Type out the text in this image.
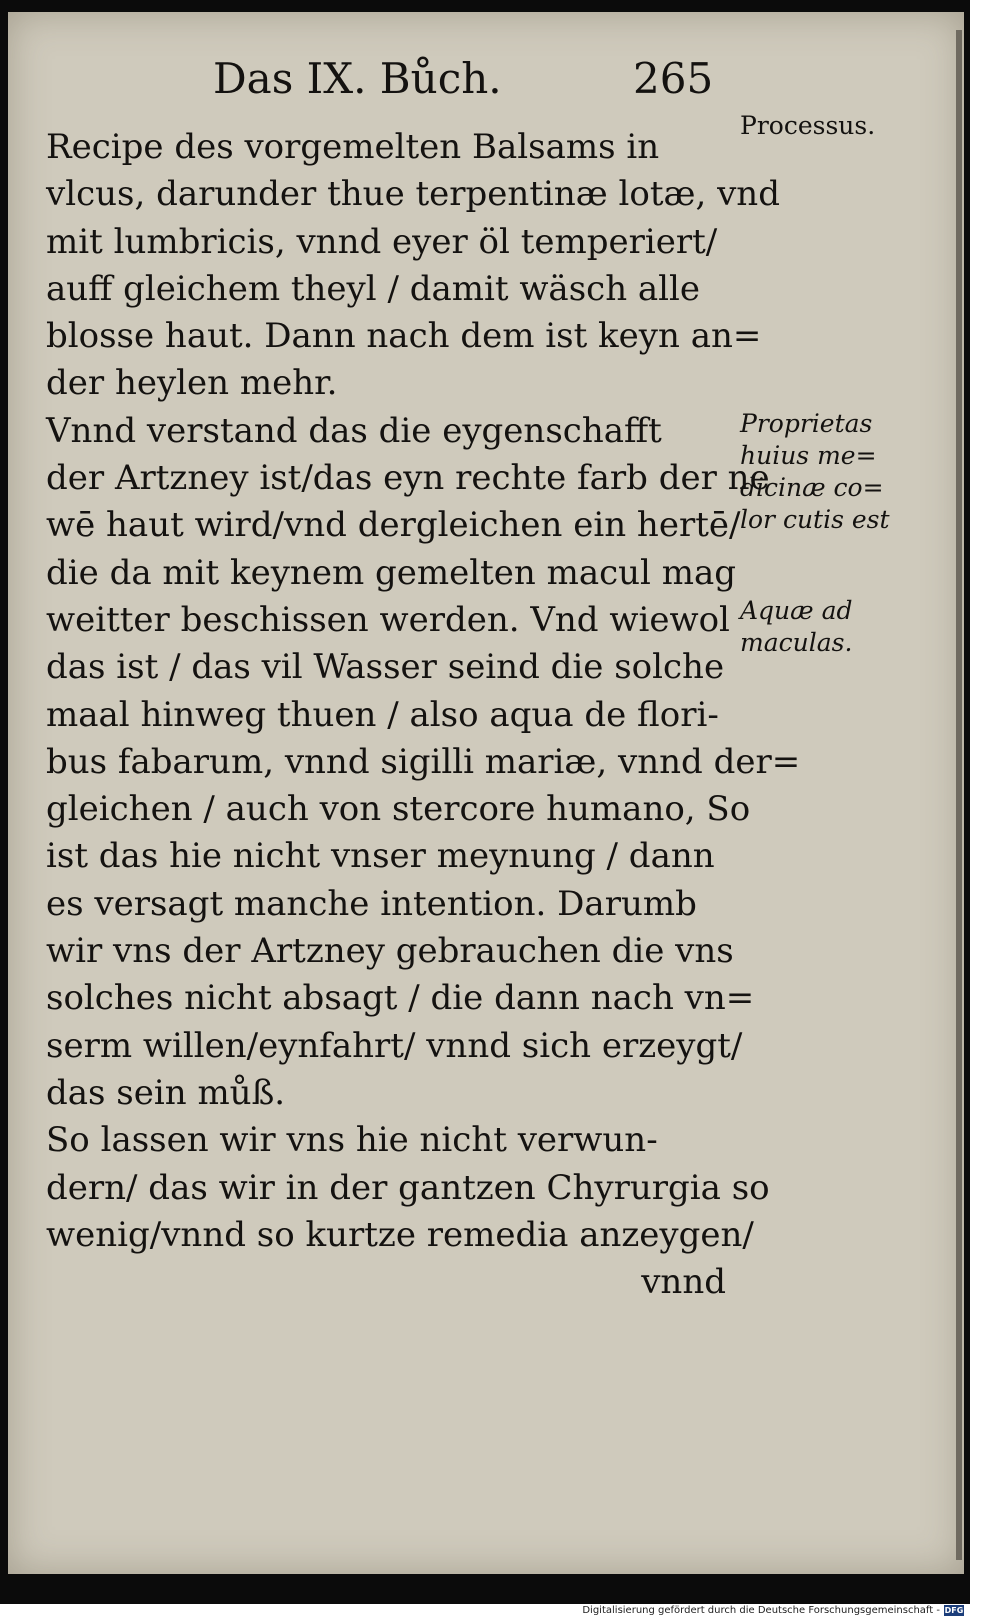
Das IX. Bůch.	265
Recipe des vorgemelten Balsams in
vlcus, darunder thue terpentinæ lotæ, vnd
mit lumbricis, vnnd eyer öl temperiert/
auff gleichem theyl / damit wäsch alle
blosse haut. Dann nach dem ist keyn an=
der heylen mehr.
Vnnd verstand das die eygenschafft
der Artzney ist/das eyn rechte farb der ne
wē haut wird/vnd dergleichen ein hertē/
die da mit keynem gemelten macul mag
weitter beschissen werden. Vnd wiewol
das ist / das vil Wasser seind die solche
maal hinweg thuen / also aqua de flori-
bus fabarum, vnnd sigilli mariæ, vnnd der=
gleichen / auch von stercore humano, So
ist das hie nicht vnser meynung / dann
es versagt manche intention. Darumb
wir vns der Artzney gebrauchen die vns
solches nicht absagt / die dann nach vn=
serm willen/eynfahrt/ vnnd sich erzeygt/
das sein můß.
So lassen wir vns hie nicht verwun-
dern/ das wir in der gantzen Chyrurgia so
wenig/vnnd so kurtze remedia anzeygen/
vnnd
Processus.
Proprietas
huius me=
dicinæ co=
lor cutis est
Aquæ ad
maculas.
Digitalisierung gefördert durch die Deutsche Forschungsgemeinschaft - DFG
